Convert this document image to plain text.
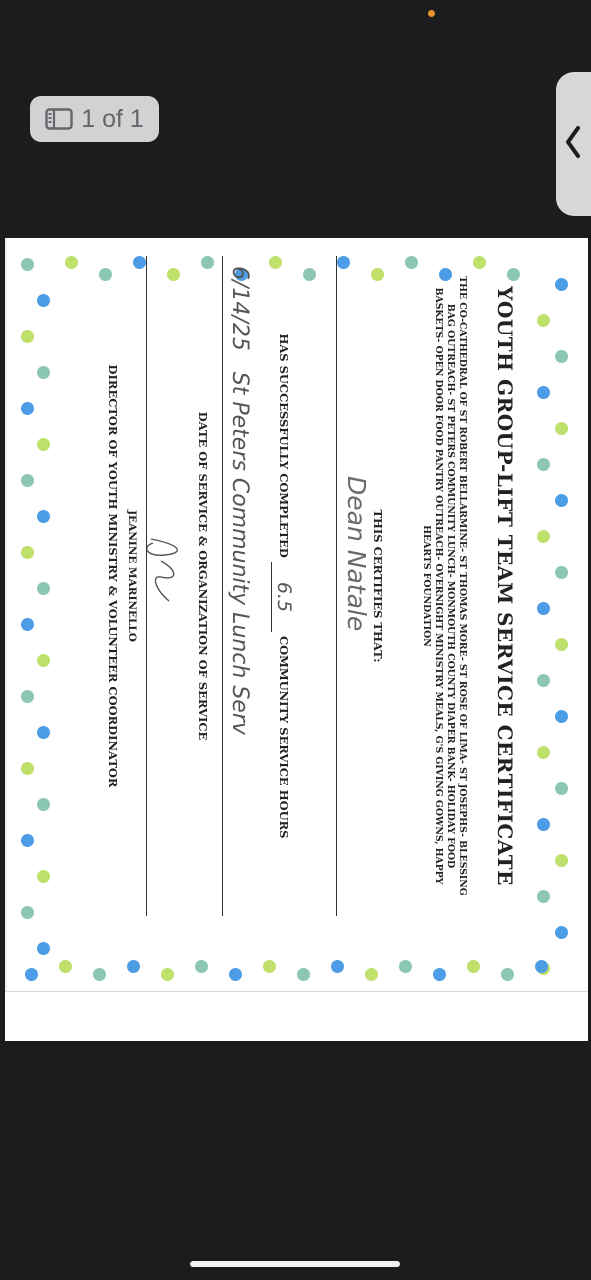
1 of 1
YOUTH GROUP-LIFT TEAM SERVICE CERTIFICATE
THE CO-CATHEDRAL OF ST ROBERT BELLARMINE- ST THOMAS MORE- ST ROSE OF LIMA- ST JOSEPHS- BLESSING BAG OUTREACH- ST PETERS COMMUNITY LUNCH- MONMOUTH COUNTY DIAPER BANK- HOLIDAY FOOD BASKETS- OPEN DOOR FOOD PANTRY OUTREACH- OVERNIGHT MINISTRY MEALS, G'S GIVING GOWNS, HAPPY HEARTS FOUNDATION
THIS CERTIFIES THAT:
Dean Natale
HAS SUCCESSFULLY COMPLETED 6.5 COMMUNITY SERVICE HOURS
6/14/25   St Peters Community Lunch Serv
DATE OF SERVICE & ORGANIZATION OF SERVICE
JEANINE MARINELLO
DIRECTOR OF YOUTH MINISTRY & VOLUNTEER COORDINATOR
